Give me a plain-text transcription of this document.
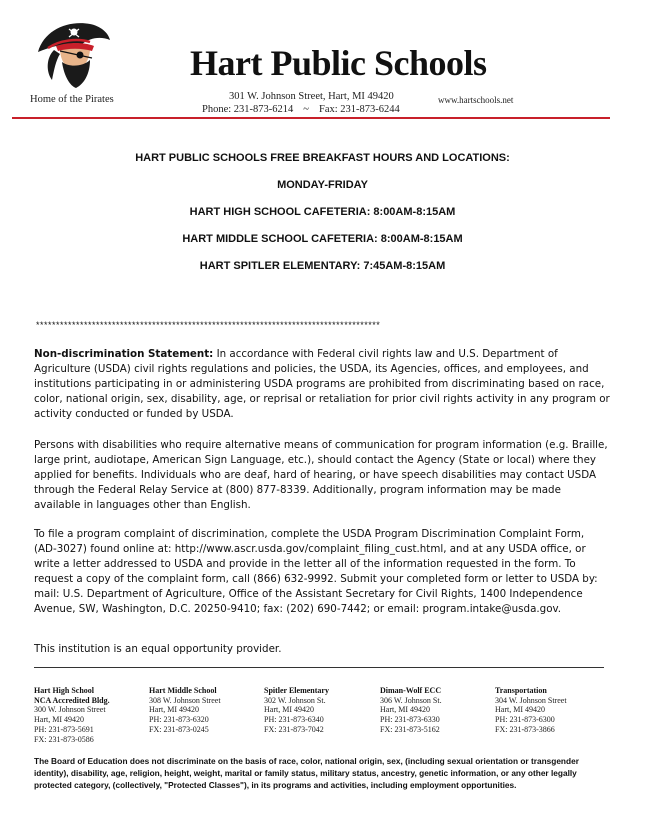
Home of the Pirates
Hart Public Schools
301 W. Johnson Street, Hart, MI 49420
Phone: 231-873-6214 ~ Fax: 231-873-6244
www.hartschools.net
HART PUBLIC SCHOOLS FREE BREAKFAST HOURS AND LOCATIONS:
MONDAY-FRIDAY
HART HIGH SCHOOL CAFETERIA: 8:00AM-8:15AM
HART MIDDLE SCHOOL CAFETERIA: 8:00AM-8:15AM
HART SPITLER ELEMENTARY: 7:45AM-8:15AM
**************************************************************************************
Non-discrimination Statement: In accordance with Federal civil rights law and U.S. Department of Agriculture (USDA) civil rights regulations and policies, the USDA, its Agencies, offices, and employees, and institutions participating in or administering USDA programs are prohibited from discriminating based on race, color, national origin, sex, disability, age, or reprisal or retaliation for prior civil rights activity in any program or activity conducted or funded by USDA.
Persons with disabilities who require alternative means of communication for program information (e.g. Braille, large print, audiotape, American Sign Language, etc.), should contact the Agency (State or local) where they applied for benefits. Individuals who are deaf, hard of hearing, or have speech disabilities may contact USDA through the Federal Relay Service at (800) 877-8339. Additionally, program information may be made available in languages other than English.
To file a program complaint of discrimination, complete the USDA Program Discrimination Complaint Form, (AD-3027) found online at: http://www.ascr.usda.gov/complaint_filing_cust.html, and at any USDA office, or write a letter addressed to USDA and provide in the letter all of the information requested in the form. To request a copy of the complaint form, call (866) 632-9992. Submit your completed form or letter to USDA by: mail: U.S. Department of Agriculture, Office of the Assistant Secretary for Civil Rights, 1400 Independence Avenue, SW, Washington, D.C. 20250-9410; fax: (202) 690-7442; or email: program.intake@usda.gov.
This institution is an equal opportunity provider.
Hart High School
NCA Accredited Bldg.
300 W. Johnson Street
Hart, MI 49420
PH: 231-873-5691
FX: 231-873-0586
Hart Middle School
308 W. Johnson Street
Hart, MI 49420
PH: 231-873-6320
FX: 231-873-0245
Spitler Elementary
302 W. Johnson St.
Hart, MI 49420
PH: 231-873-6340
FX: 231-873-7042
Diman-Wolf ECC
306 W. Johnson St.
Hart, MI 49420
PH: 231-873-6330
FX: 231-873-5162
Transportation
304 W. Johnson Street
Hart, MI 49420
PH: 231-873-6300
FX: 231-873-3866
The Board of Education does not discriminate on the basis of race, color, national origin, sex, (including sexual orientation or transgender identity), disability, age, religion, height, weight, marital or family status, military status, ancestry, genetic information, or any other legally protected category, (collectively, "Protected Classes"), in its programs and activities, including employment opportunities.
